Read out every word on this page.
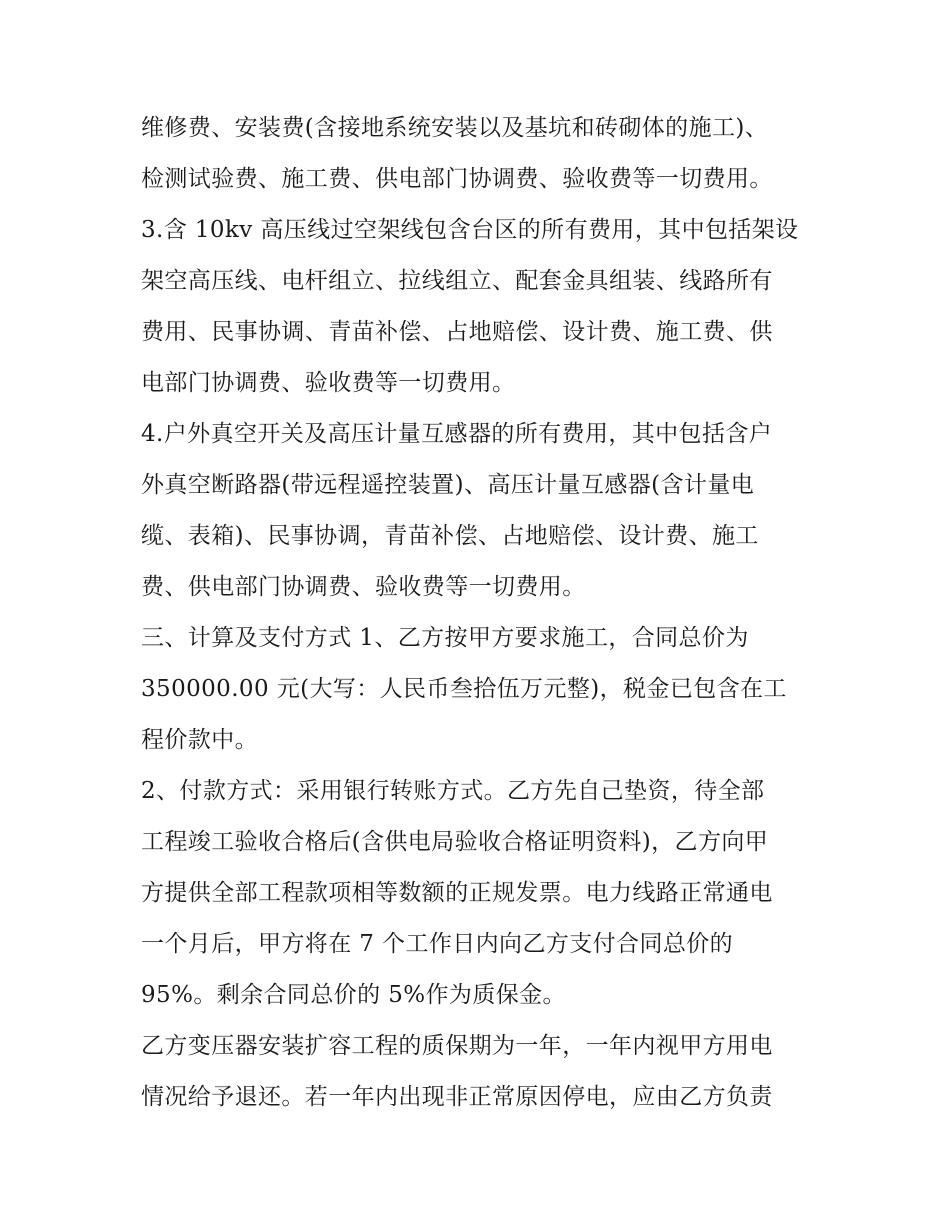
维修费、安装费(含接地系统安装以及基坑和砖砌体的施工)、
检测试验费、施工费、供电部门协调费、验收费等一切费用。
3.含 10kv 高压线过空架线包含台区的所有费用，其中包括架设
架空高压线、电杆组立、拉线组立、配套金具组装、线路所有
费用、民事协调、青苗补偿、占地赔偿、设计费、施工费、供
电部门协调费、验收费等一切费用。
4.户外真空开关及高压计量互感器的所有费用，其中包括含户
外真空断路器(带远程遥控装置)、高压计量互感器(含计量电
缆、表箱)、民事协调，青苗补偿、占地赔偿、设计费、施工
费、供电部门协调费、验收费等一切费用。
三、计算及支付方式 1、乙方按甲方要求施工，合同总价为
350000.00 元(大写：人民币叁拾伍万元整)，税金已包含在工
程价款中。
2、付款方式：采用银行转账方式。乙方先自己垫资，待全部
工程竣工验收合格后(含供电局验收合格证明资料)，乙方向甲
方提供全部工程款项相等数额的正规发票。电力线路正常通电
一个月后，甲方将在 7 个工作日内向乙方支付合同总价的
95%。剩余合同总价的 5%作为质保金。
乙方变压器安装扩容工程的质保期为一年，一年内视甲方用电
情况给予退还。若一年内出现非正常原因停电，应由乙方负责
